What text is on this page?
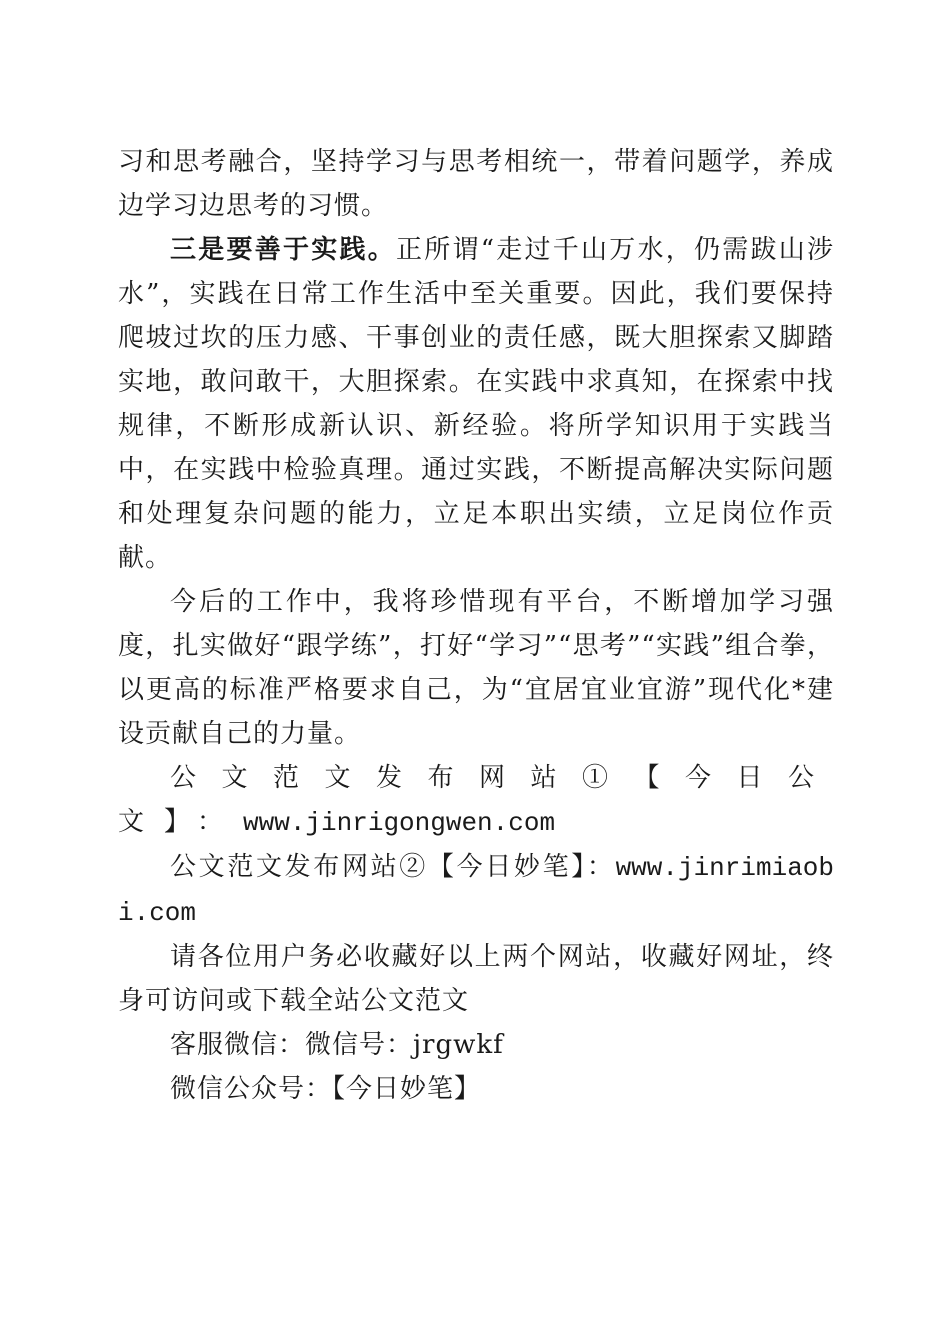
习和思考融合，坚持学习与思考相统一，带着问题学，养成边学习边思考的习惯。

三是要善于实践。正所谓“走过千山万水，仍需跋山涉水”，实践在日常工作生活中至关重要。因此，我们要保持爬坡过坎的压力感、干事创业的责任感，既大胆探索又脚踏实地，敢问敢干，大胆探索。在实践中求真知，在探索中找规律，不断形成新认识、新经验。将所学知识用于实践当中，在实践中检验真理。通过实践，不断提高解决实际问题和处理复杂问题的能力，立足本职出实绩，立足岗位作贡献。

今后的工作中，我将珍惜现有平台，不断增加学习强度，扎实做好“跟学练”，打好“学习”“思考”“实践”组合拳，以更高的标准严格要求自己，为“宜居宜业宜游”现代化*建设贡献自己的力量。

公文范文发布网站①【今日公文】：www.jinrigongwen.com

公文范文发布网站②【今日妙笔】：www.jinrimiaobi.com

请各位用户务必收藏好以上两个网站，收藏好网址，终身可访问或下载全站公文范文

客服微信：微信号：jrgwkf

微信公众号：【今日妙笔】
